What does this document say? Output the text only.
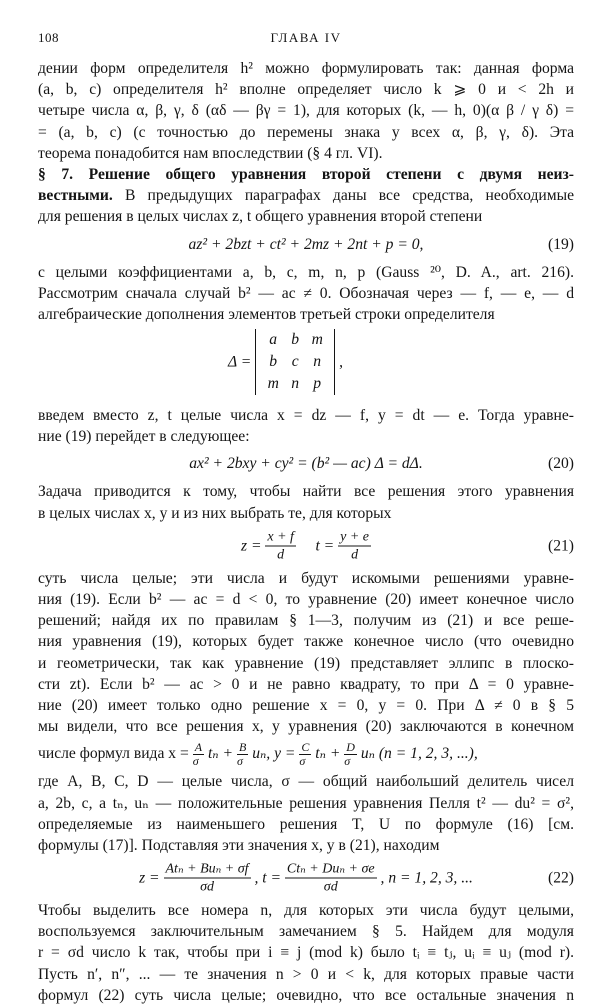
108	ГЛАВА IV
дении форм определителя h² можно формулировать так: данная форма
(a, b, c) определителя h² вполне определяет число k ⩾ 0 и < 2h и
четыре числа α, β, γ, δ (αδ — βγ = 1), для которых (k, — h, 0)(α β / γ δ) =
= (a, b, c) (с точностью до перемены знака у всех α, β, γ, δ). Эта
теорема понадобится нам впоследствии (§ 4 гл. VI).
§ 7. Решение общего уравнения второй степени с двумя неиз-
вестными. В предыдущих параграфах даны все средства, необходимые
для решения в целых числах z, t общего уравнения второй степени
az² + 2bzt + ct² + 2mz + 2nt + p = 0,	(19)
с целыми коэффициентами a, b, c, m, n, p (Gauss ²⁰, D. A., art. 216).
Рассмотрим сначала случай b² — ac ≠ 0. Обозначая через — f, — e, — d
алгебраические дополнения элементов третьей строки определителя
Δ =
a b m
b c n
m n p
,
введем вместо z, t целые числа x = dz — f, y = dt — e. Тогда уравне-
ние (19) перейдет в следующее:
ax² + 2bxy + cy² = (b² — ac) Δ = dΔ.	(20)
Задача приводится к тому, чтобы найти все решения этого уравнения
в целых числах x, y и из них выбрать те, для которых
$z = \frac{x + f}{d}$ $t = \frac{y + e}{d}$	(21)
суть числа целые; эти числа и будут искомыми решениями уравне-
ния (19). Если b² — ac = d < 0, то уравнение (20) имеет конечное число
решений; найдя их по правилам § 1—3, получим из (21) и все реше-
ния уравнения (19), которых будет также конечное число (что очевидно
и геометрически, так как уравнение (19) представляет эллипс в плоско-
сти zt). Если b² — ac > 0 и не равно квадрату, то при Δ = 0 уравне-
ние (20) имеет только одно решение x = 0, y = 0. При Δ ≠ 0 в § 5
мы видели, что все решения x, y уравнения (20) заключаются в конечном
числе формул вида $x = \frac{A}{\sigma}$ $t_n + \frac{B}{\sigma} u_n$, $y = \frac{C}{\sigma}$ $t_n + \frac{D}{\sigma}$ uₙ (n = 1, 2, 3, ...),
где A, B, C, D — целые числа, σ — общий наибольший делитель чисел
a, 2b, c, а tₙ, uₙ — положительные решения уравнения Пелля t² — du² = σ²,
определяемые из наименьшего решения T, U по формуле (16) [см.
формулы (17)]. Подставляя эти значения x, y в (21), находим
$z = \frac{\text{Atₙ + Buₙ + σf}}{\sigma d}$ , $t = \frac{\text{Ctₙ + Duₙ + σe}}{\sigma d}$ , n = 1, 2, 3, ...	(22)
Чтобы выделить все номера n, для которых эти числа будут целыми,
воспользуемся заключительным замечанием § 5. Найдем для модуля
r = σd число k так, чтобы при i ≡ j (mod k) было tᵢ ≡ tⱼ, uᵢ ≡ uⱼ (mod r).
Пусть n′, n″, ... — те значения n > 0 и < k, для которых правые части
формул (22) суть числа целые; очевидно, что все остальные значения n
